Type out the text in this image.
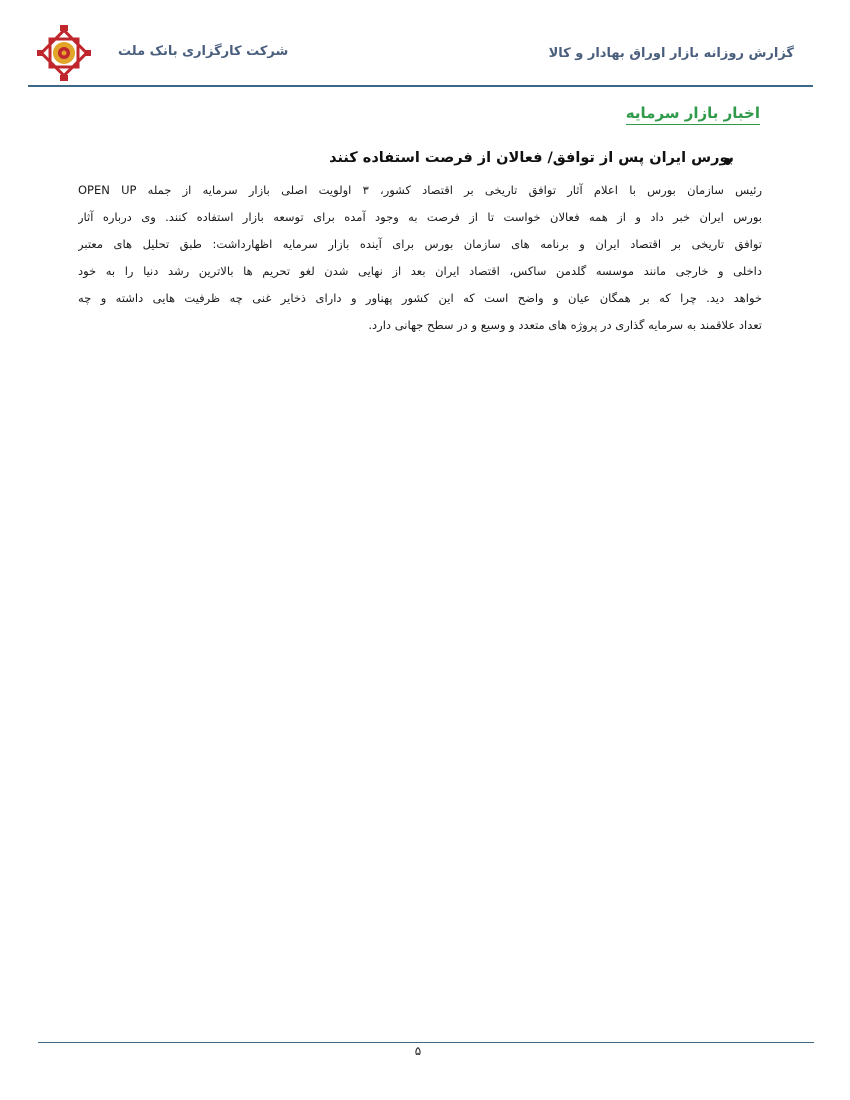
شرکت کارگزاری بانک ملت	گزارش روزانه بازار اوراق بهادار و کالا
اخبار بازار سرمایه
بورس ایران پس از توافق/ فعالان از فرصت استفاده کنند
رئیس سازمان بورس با اعلام آثار توافق تاریخی بر اقتصاد کشور، ۳ اولویت اصلی بازار سرمایه از جمله OPEN UP
بورس ایران خبر داد و از همه فعالان خواست تا از فرصت به وجود آمده برای توسعه بازار استفاده کنند. وی درباره آثار
توافق تاریخی بر اقتصاد ایران و برنامه های سازمان بورس برای آینده بازار سرمایه اظهارداشت: طبق تحلیل های معتبر
داخلی و خارجی مانند موسسه گلدمن ساکس، اقتصاد ایران بعد از نهایی شدن لغو تحریم ها بالاترین رشد دنیا را به خود
خواهد دید. چرا که بر همگان عیان و واضح است که این کشور پهناور و دارای ذخایر غنی چه ظرفیت هایی داشته و چه
تعداد علاقمند به سرمایه گذاری در پروژه های متعدد و وسیع و در سطح جهانی دارد.
۵
